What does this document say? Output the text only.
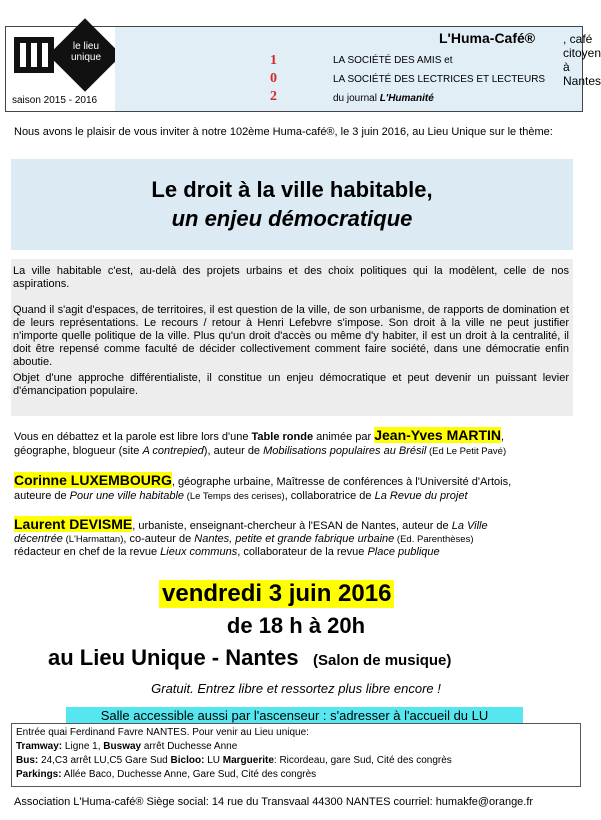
le lieu
unique
saison 2015 - 2016
L'Huma-Café® , café citoyen à Nantes
1
0
2
LA SOCIÉTÉ DES AMIS et
LA SOCIÉTÉ DES LECTRICES ET LECTEURS
du journal L'Humanité
Nous avons le plaisir de vous inviter à notre 102ème Huma-café®, le 3 juin 2016, au Lieu Unique sur le thème:
Le droit à la ville habitable,
un enjeu démocratique
La ville habitable c'est, au-delà des projets urbains et des choix politiques qui la modèlent, celle de nos aspirations.
Quand il s'agit d'espaces, de territoires, il est question de la ville, de son urbanisme, de rapports de domination et de leurs représentations. Le recours / retour à Henri Lefebvre s'impose. Son droit à la ville ne peut justifier n'importe quelle politique de la ville. Plus qu'un droit d'accès ou même d'y habiter, il est un droit à la centralité, il doit être repensé comme faculté de décider collectivement comment faire société, dans une démocratie enfin aboutie.
Objet d'une approche différentialiste, il constitue un enjeu démocratique et peut devenir un puissant levier d'émancipation populaire.
Vous en débattez et la parole est libre lors d'une Table ronde animée par Jean-Yves MARTIN,
géographe, blogueur (site A contrepied), auteur de Mobilisations populaires au Brésil (Ed Le Petit Pavé)
Corinne LUXEMBOURG, géographe urbaine, Maîtresse de conférences à l'Université d'Artois,
auteure de Pour une ville habitable (Le Temps des cerises), collaboratrice de La Revue du projet
Laurent DEVISME, urbaniste, enseignant-chercheur à l'ESAN de Nantes, auteur de La Ville
décentrée (L'Harmattan), co-auteur de Nantes, petite et grande fabrique urbaine (Ed. Parenthèses)
rédacteur en chef de la revue Lieux communs, collaborateur de la revue Place publique
vendredi 3 juin 2016
de 18 h à 20h
au Lieu Unique - Nantes (Salon de musique)
Gratuit. Entrez libre et ressortez plus libre encore !
Salle accessible aussi par l'ascenseur : s'adresser à l'accueil du LU
Entrée quai Ferdinand Favre NANTES. Pour venir au Lieu unique:
Tramway: Ligne 1, Busway arrêt Duchesse Anne
Bus: 24,C3 arrêt LU,C5 Gare Sud Bicloo: LU Marguerite: Ricordeau, gare Sud, Cité des congrès
Parkings: Allée Baco, Duchesse Anne, Gare Sud, Cité des congrès
Association L'Huma-café® Siège social: 14 rue du Transvaal 44300 NANTES courriel: humakfe@orange.fr
